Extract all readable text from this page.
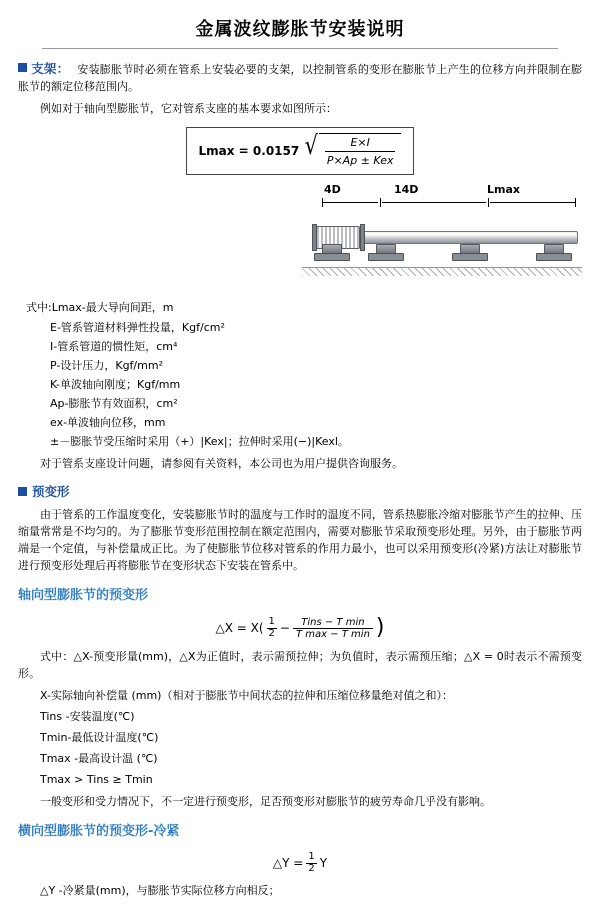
金属波纹膨胀节安装说明

支架： 安装膨胀节时必须在管系上安装必要的支架，以控制管系的变形在膨胀节上产生的位移方向并限制在膨胀节的额定位移范围内。

例如对于轴向型膨胀节，它对管系支座的基本要求如图所示：

Lmax = 0.0157 √ $\frac{E\times I}{\text{P×Ap ± Kex}}$
4D	14D	Lmax
式中:Lmax-最大导向间距，m
E-管系管道材料弹性投量，Kgf/cm²
I-管系管道的惯性矩，cm⁴
P-设计压力，Kgf/mm²
K-单波轴向刚度；Kgf/mm
Ap-膨胀节有效面积，cm²
ex-单波轴向位移，mm
±－膨胀节受压缩时采用（+）|Kex|；拉伸时采用(−)|Kexl。

对于管系支座设计问题，请参阅有关资料，本公司也为用户提供咨询服务。

预变形

由于管系的工作温度变化，安装膨胀节时的温度与工作时的温度不同，管系热膨胀冷缩对膨胀节产生的拉伸、压缩量常常是不均匀的。为了膨胀节变形范围控制在额定范围内，需要对膨胀节采取预变形处理。另外，由于膨胀节两端是一个定值，与补偿量成正比。为了使膨胀节位移对管系的作用力最小，也可以采用预变形(冷紧)方法让对膨胀节进行预变形处理后再将膨胀节在变形状态下安装在管系中。

轴向型膨胀节的预变形
△X = $X( \frac{1}{2}$ −	Tins − T min
T max − T min )

式中：△X-预变形量(mm)，△X为正值时，表示需预拉伸；为负值时，表示需预压缩；△X = 0时表示不需预变形。

X-实际轴向补偿量 (mm)（相对于膨胀节中间状态的拉伸和压缩位移量绝对值之和）：
Tins -安装温度(℃)
Tmin-最低设计温度(℃)
Tmax -最高设计温 (℃)
Tmax > Tins ≥ Tmin

一般变形和受力情况下，不一定进行预变形，足否预变形对膨胀节的疲劳寿命几乎没有影响。

横向型膨胀节的预变形-冷紧
△Y = $\frac{1}{2}$ Y

△Y -冷紧量(mm)，与膨胀节实际位移方向相反；
